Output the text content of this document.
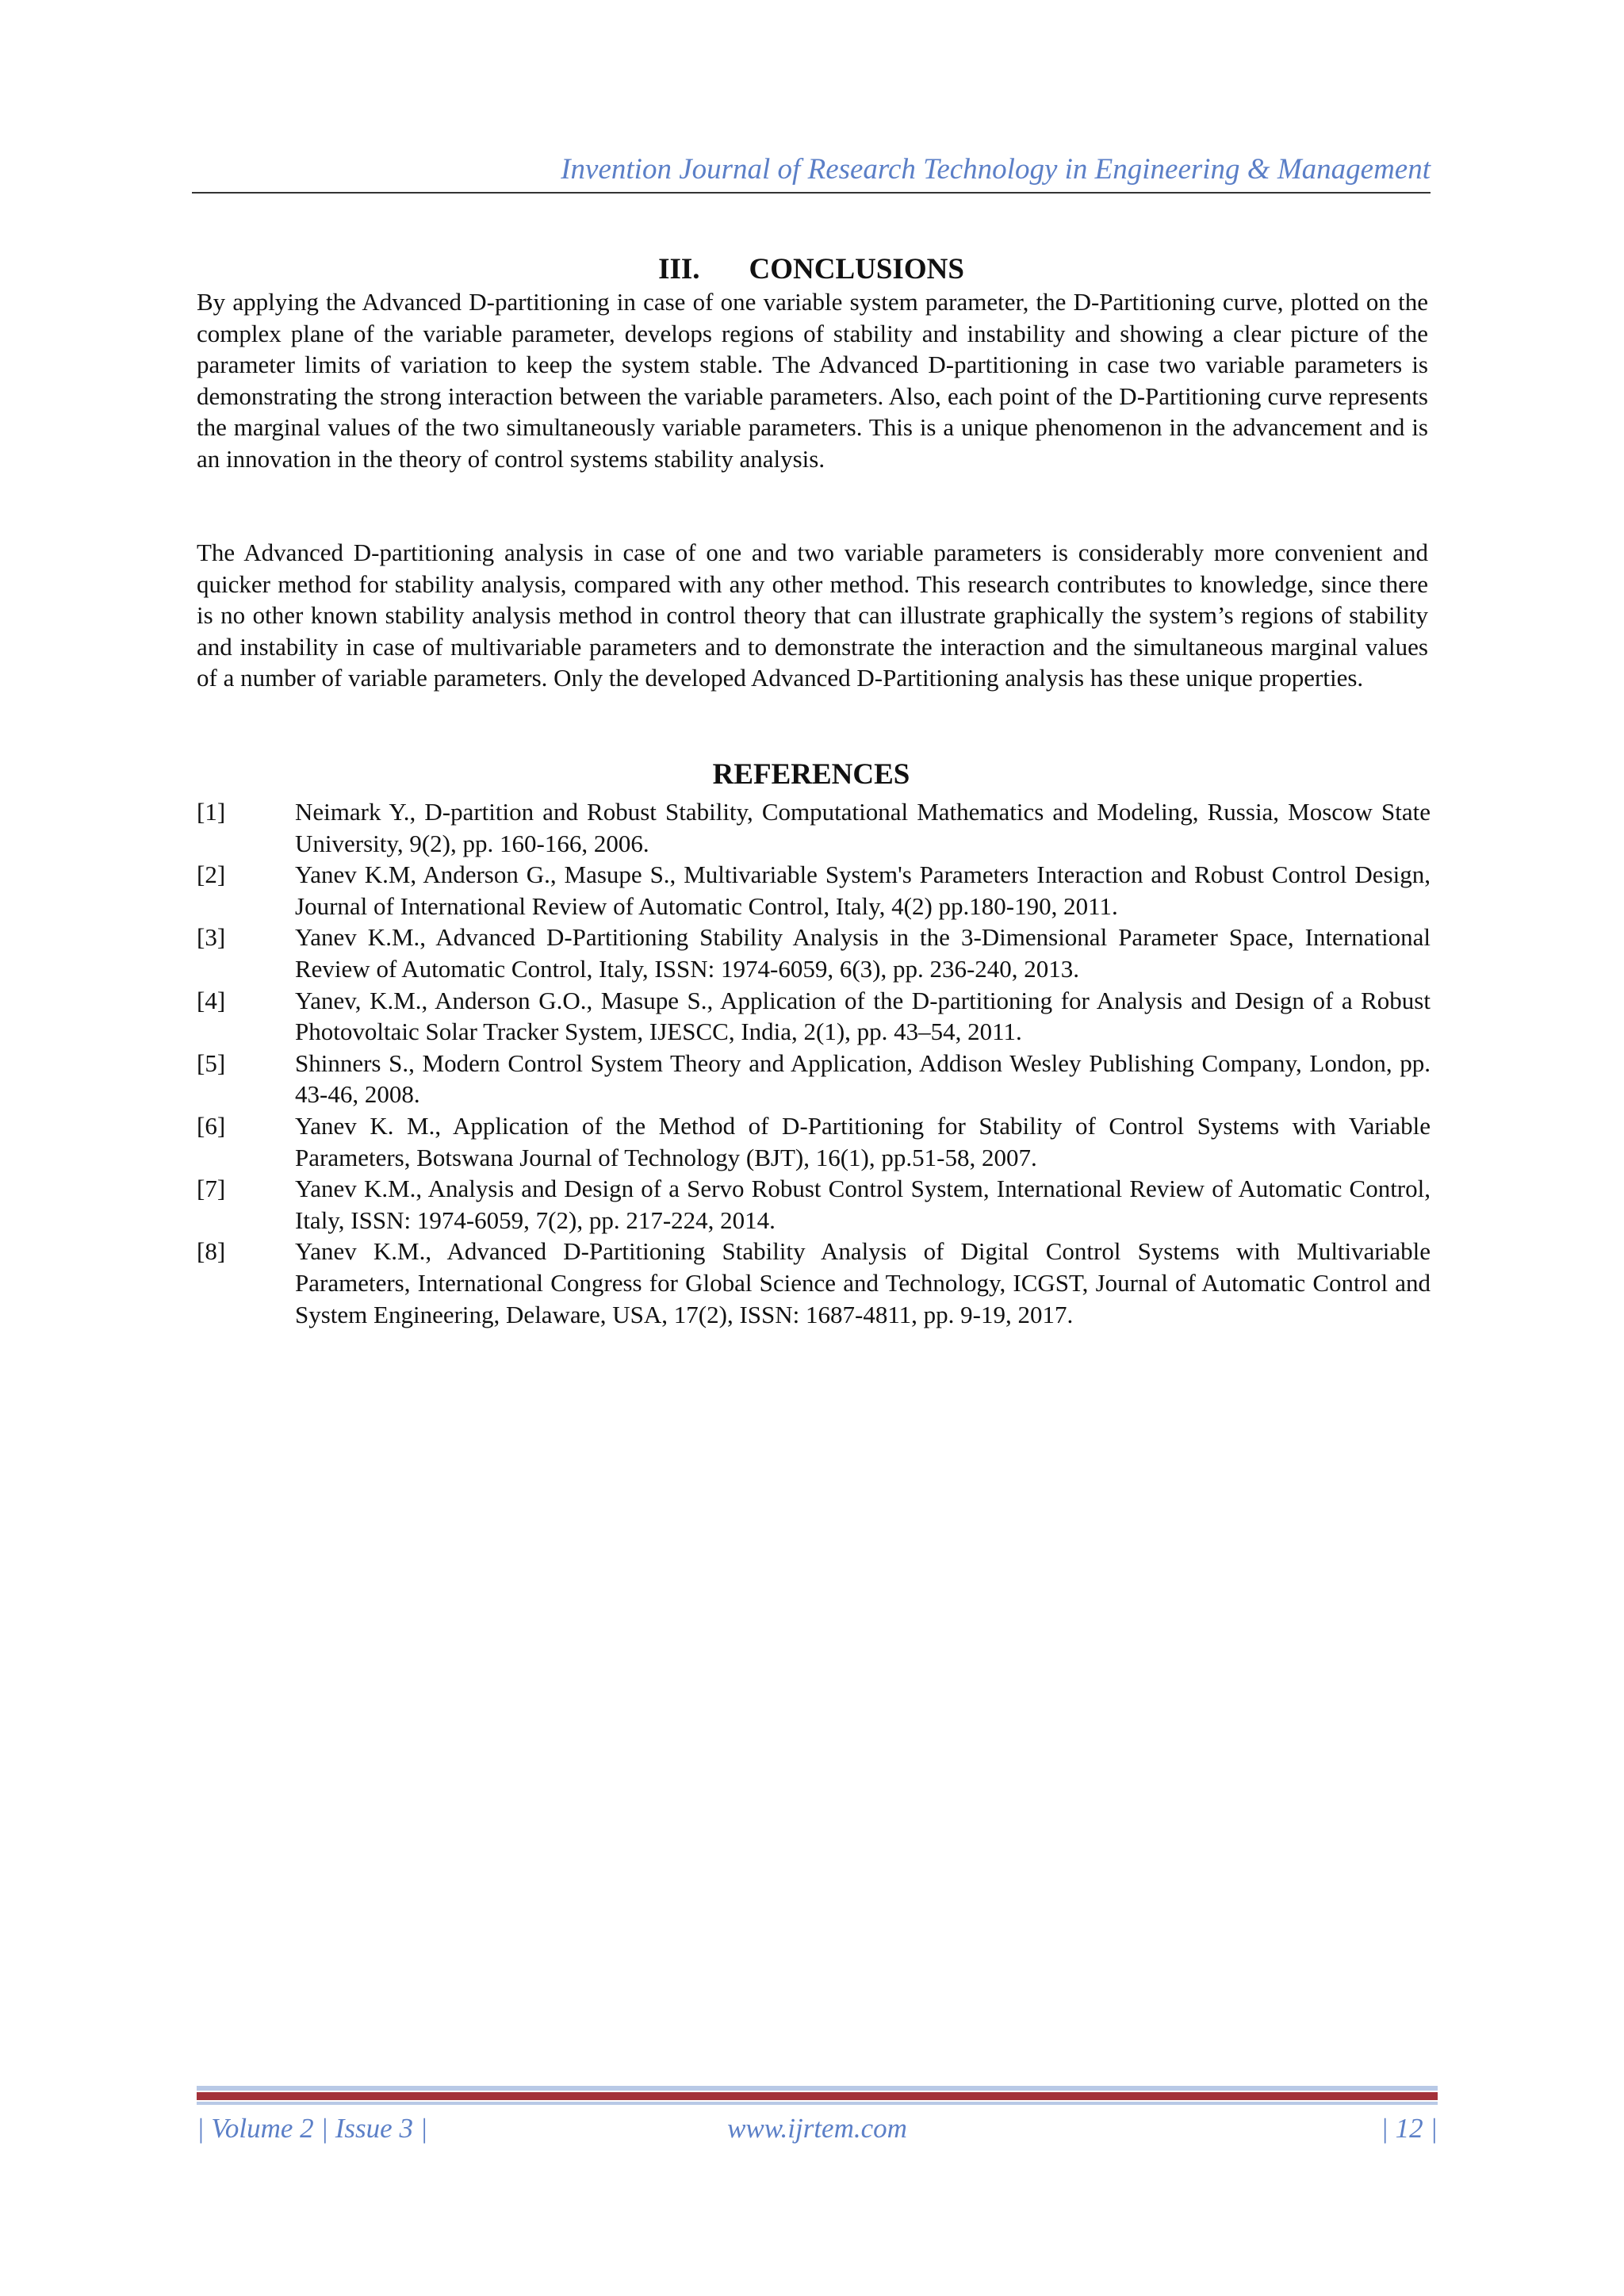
Invention Journal of Research Technology in Engineering & Management
III. CONCLUSIONS

By applying the Advanced D-partitioning in case of one variable system parameter, the D-Partitioning curve, plotted on the complex plane of the variable parameter, develops regions of stability and instability and showing a clear picture of the parameter limits of variation to keep the system stable. The Advanced D-partitioning in case two variable parameters is demonstrating the strong interaction between the variable parameters. Also, each point of the D-Partitioning curve represents the marginal values of the two simultaneously variable parameters. This is a unique phenomenon in the advancement and is an innovation in the theory of control systems stability analysis.

The Advanced D-partitioning analysis in case of one and two variable parameters is considerably more convenient and quicker method for stability analysis, compared with any other method. This research contributes to knowledge, since there is no other known stability analysis method in control theory that can illustrate graphically the system’s regions of stability and instability in case of multivariable parameters and to demonstrate the interaction and the simultaneous marginal values of a number of variable parameters. Only the developed Advanced D-Partitioning analysis has these unique properties.

REFERENCES
[1]	Neimark Y., D-partition and Robust Stability, Computational Mathematics and Modeling, Russia, Moscow State University, 9(2), pp. 160-166, 2006.
[2]	Yanev K.M, Anderson G., Masupe S., Multivariable System's Parameters Interaction and Robust Control Design, Journal of International Review of Automatic Control, Italy, 4(2) pp.180-190, 2011.
[3]	Yanev K.M., Advanced D-Partitioning Stability Analysis in the 3-Dimensional Parameter Space, International Review of Automatic Control, Italy, ISSN: 1974-6059, 6(3), pp. 236-240, 2013.
[4]	Yanev, K.M., Anderson G.O., Masupe S., Application of the D-partitioning for Analysis and Design of a Robust Photovoltaic Solar Tracker System, IJESCC, India, 2(1), pp. 43–54, 2011.
[5]	Shinners S., Modern Control System Theory and Application, Addison Wesley Publishing Company, London, pp. 43-46, 2008.
[6]	Yanev K. M., Application of the Method of D-Partitioning for Stability of Control Systems with Variable Parameters, Botswana Journal of Technology (BJT), 16(1), pp.51-58, 2007.
[7]	Yanev K.M., Analysis and Design of a Servo Robust Control System, International Review of Automatic Control, Italy, ISSN: 1974-6059, 7(2), pp. 217-224, 2014.
[8]	Yanev K.M., Advanced D-Partitioning Stability Analysis of Digital Control Systems with Multivariable Parameters, International Congress for Global Science and Technology, ICGST, Journal of Automatic Control and System Engineering, Delaware, USA, 17(2), ISSN: 1687-4811, pp. 9-19, 2017.
| Volume 2 | Issue 3 |	www.ijrtem.com	| 12 |
